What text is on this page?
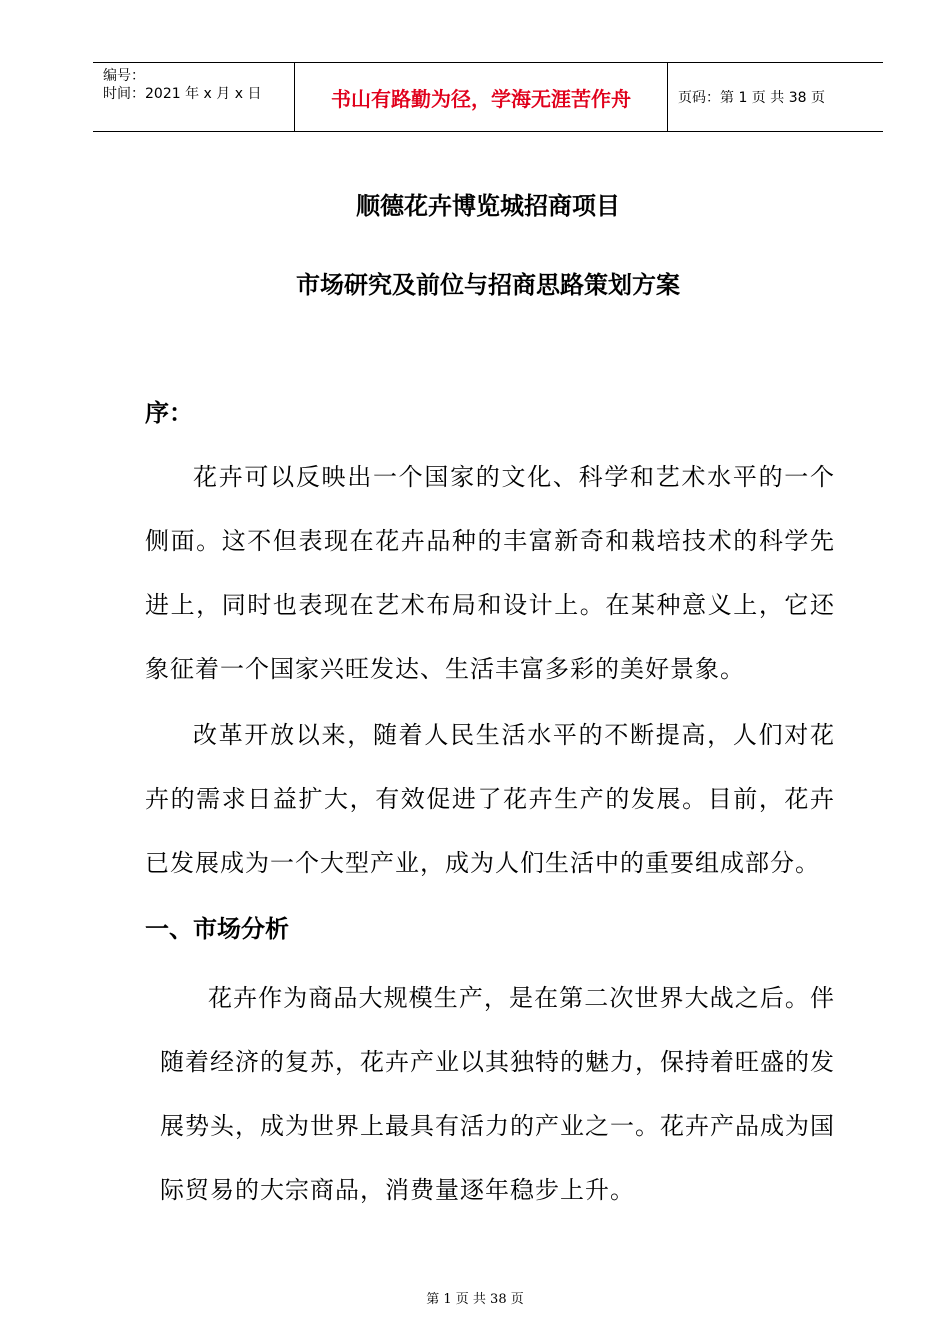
编号：
时间：2021 年 x 月 x 日	书山有路勤为径，学海无涯苦作舟	页码：第 1 页 共 38 页
顺德花卉博览城招商项目
市场研究及前位与招商思路策划方案
序：
花卉可以反映出一个国家的文化、科学和艺术水平的一个侧面。这不但表现在花卉品种的丰富新奇和栽培技术的科学先进上，同时也表现在艺术布局和设计上。在某种意义上，它还象征着一个国家兴旺发达、生活丰富多彩的美好景象。
改革开放以来，随着人民生活水平的不断提高，人们对花卉的需求日益扩大，有效促进了花卉生产的发展。目前，花卉已发展成为一个大型产业，成为人们生活中的重要组成部分。
一、市场分析
花卉作为商品大规模生产，是在第二次世界大战之后。伴随着经济的复苏，花卉产业以其独特的魅力，保持着旺盛的发展势头，成为世界上最具有活力的产业之一。花卉产品成为国际贸易的大宗商品，消费量逐年稳步上升。
第 1 页 共 38 页
